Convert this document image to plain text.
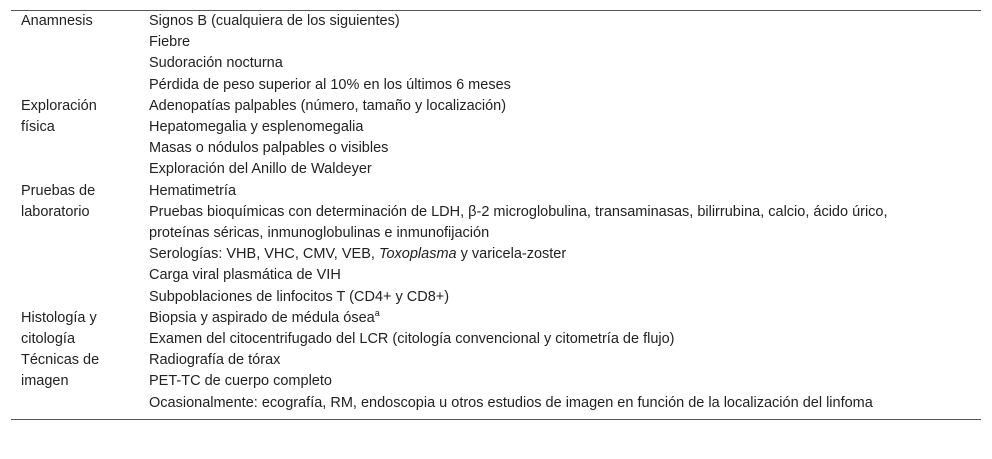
Anamnesis	Signos B (cualquiera de los siguientes)
Fiebre
Sudoración nocturna
Pérdida de peso superior al 10% en los últimos 6 meses
Exploración
física
Adenopatías palpables (número, tamaño y localización)
Hepatomegalia y esplenomegalia
Masas o nódulos palpables o visibles
Exploración del Anillo de Waldeyer
Pruebas de
laboratorio
Hematimetría
Pruebas bioquímicas con determinación de LDH, β-2 microglobulina, transaminasas, bilirrubina, calcio, ácido úrico, proteínas séricas, inmunoglobulinas e inmunofijación
Serologías: VHB, VHC, CMV, VEB, Toxoplasma y varicela-zoster
Carga viral plasmática de VIH
Subpoblaciones de linfocitos T (CD4+ y CD8+)
Histología y
citología
Biopsia y aspirado de médula ósea$^a$
Examen del citocentrifugado del LCR (citología convencional y citometría de flujo)
Técnicas de
imagen
Radiografía de tórax
PET-TC de cuerpo completo
Ocasionalmente: ecografía, RM, endoscopia u otros estudios de imagen en función de la localización del linfoma
